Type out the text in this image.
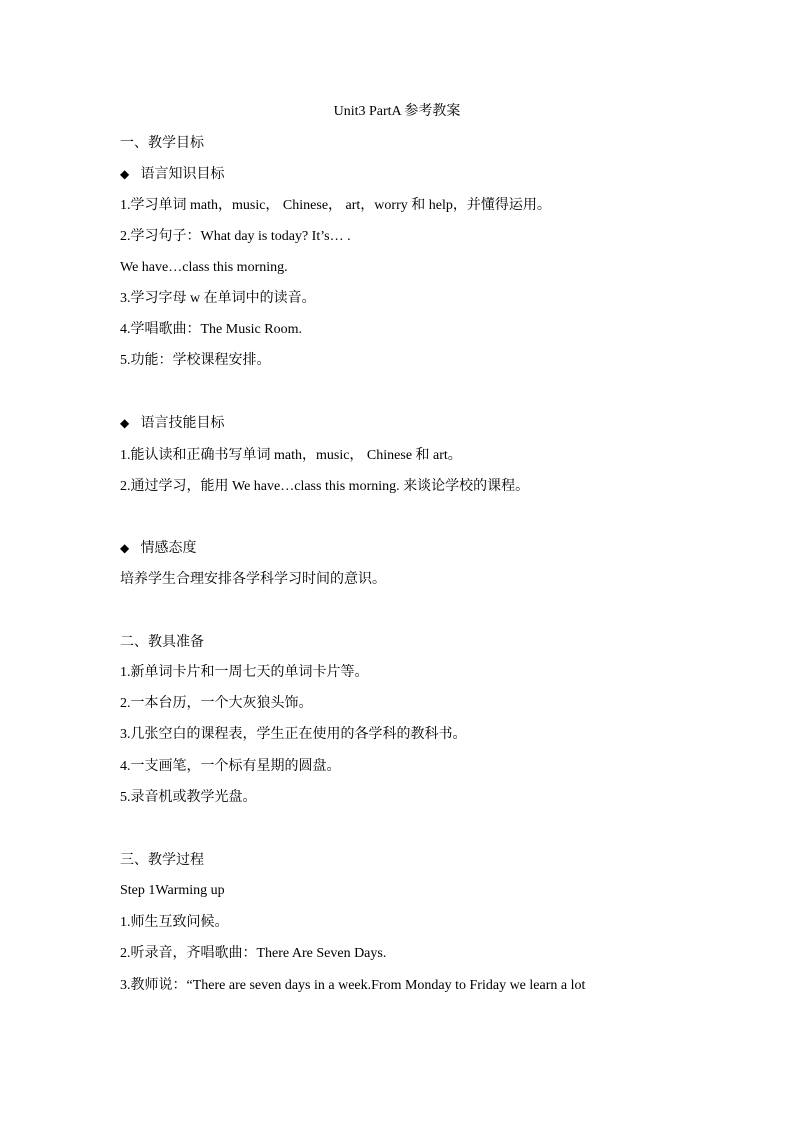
Unit3 PartA 参考教案
一、教学目标
◆ 语言知识目标
1.学习单词 math，music， Chinese， art，worry 和 help，并懂得运用。
2.学习句子：What day is today? It’s… .
We have…class this morning.
3.学习字母 w 在单词中的读音。
4.学唱歌曲：The Music Room.
5.功能：学校课程安排。
◆ 语言技能目标
1.能认读和正确书写单词 math，music， Chinese 和 art。
2.通过学习，能用 We have…class this morning. 来谈论学校的课程。
◆ 情感态度
培养学生合理安排各学科学习时间的意识。
二、教具准备
1.新单词卡片和一周七天的单词卡片等。
2.一本台历，一个大灰狼头饰。
3.几张空白的课程表，学生正在使用的各学科的教科书。
4.一支画笔，一个标有星期的圆盘。
5.录音机或教学光盘。
三、教学过程
Step 1Warming up
1.师生互致问候。
2.听录音，齐唱歌曲：There Are Seven Days.
3.教师说：“There are seven days in a week.From Monday to Friday we learn a lot
